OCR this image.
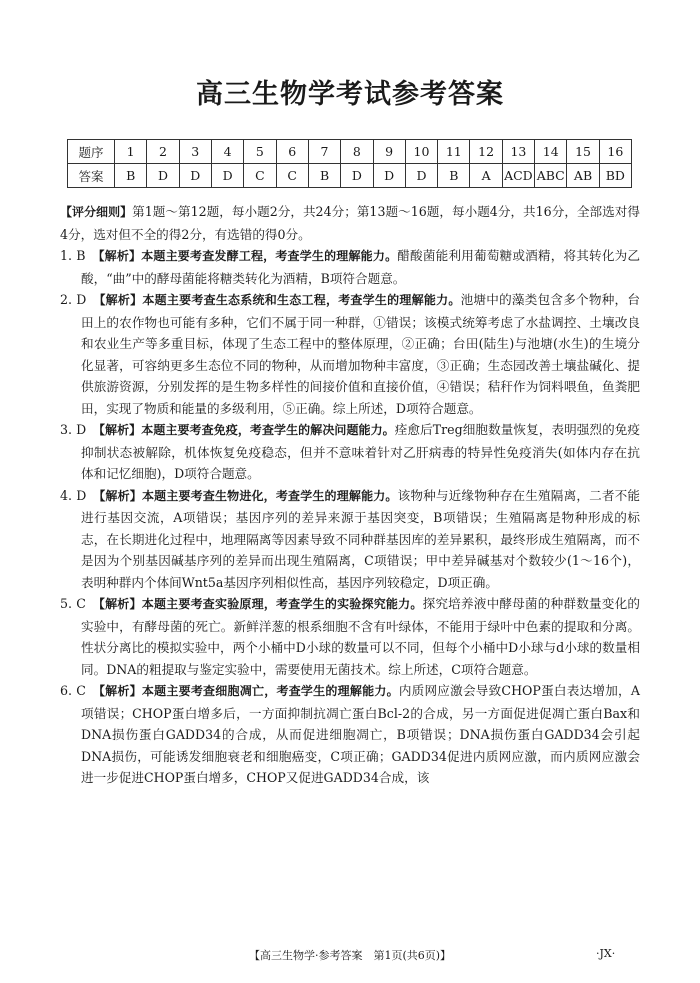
高三生物学考试参考答案
题序	1	2	3	4	5	6	7	8	9	10	11	12	13	14	15	16
答案	B	D	D	D	C	C	B	D	D	D	B	A	ACD	ABC	AB	BD

【评分细则】第1题～第12题，每小题2分，共24分；第13题～16题，每小题4分，共16分，全部选对得4分，选对但不全的得2分，有选错的得0分。

1. B　 【解析】本题主要考查发酵工程，考查学生的理解能力。醋酸菌能利用葡萄糖或酒精，将其转化为乙酸，“曲”中的酵母菌能将糖类转化为酒精，B项符合题意。

2. D　 【解析】本题主要考查生态系统和生态工程，考查学生的理解能力。池塘中的藻类包含多个物种，台田上的农作物也可能有多种，它们不属于同一种群，①错误；该模式统筹考虑了水盐调控、土壤改良和农业生产等多重目标，体现了生态工程中的整体原理，②正确；台田(陆生)与池塘(水生)的生境分化显著，可容纳更多生态位不同的物种，从而增加物种丰富度，③正确；生态园改善土壤盐碱化、提供旅游资源，分别发挥的是生物多样性的间接价值和直接价值，④错误；秸秆作为饲料喂鱼，鱼粪肥田，实现了物质和能量的多级利用，⑤正确。综上所述，D项符合题意。

3. D　 【解析】本题主要考查免疫，考查学生的解决问题能力。痊愈后Treg细胞数量恢复，表明强烈的免疫抑制状态被解除，机体恢复免疫稳态，但并不意味着针对乙肝病毒的特异性免疫消失(如体内存在抗体和记忆细胞)，D项符合题意。

4. D　 【解析】本题主要考查生物进化，考查学生的理解能力。该物种与近缘物种存在生殖隔离，二者不能进行基因交流，A项错误；基因序列的差异来源于基因突变，B项错误；生殖隔离是物种形成的标志，在长期进化过程中，地理隔离等因素导致不同种群基因库的差异累积，最终形成生殖隔离，而不是因为个别基因碱基序列的差异而出现生殖隔离，C项错误；甲中差异碱基对个数较少(1～16个)，表明种群内个体间Wnt5a基因序列相似性高，基因序列较稳定，D项正确。

5. C　 【解析】本题主要考查实验原理，考查学生的实验探究能力。探究培养液中酵母菌的种群数量变化的实验中，有酵母菌的死亡。新鲜洋葱的根系细胞不含有叶绿体，不能用于绿叶中色素的提取和分离。性状分离比的模拟实验中，两个小桶中D小球的数量可以不同，但每个小桶中D小球与d小球的数量相同。DNA的粗提取与鉴定实验中，需要使用无菌技术。综上所述，C项符合题意。

6. C　 【解析】本题主要考查细胞凋亡，考查学生的理解能力。内质网应激会导致CHOP蛋白表达增加，A项错误；CHOP蛋白增多后，一方面抑制抗凋亡蛋白Bcl-2的合成，另一方面促进促凋亡蛋白Bax和DNA损伤蛋白GADD34的合成，从而促进细胞凋亡，B项错误；DNA损伤蛋白GADD34会引起DNA损伤，可能诱发细胞衰老和细胞癌变，C项正确；GADD34促进内质网应激，而内质网应激会进一步促进CHOP蛋白增多，CHOP又促进GADD34合成，该

【高三生物学·参考答案　第1页(共6页)】	·JX·
